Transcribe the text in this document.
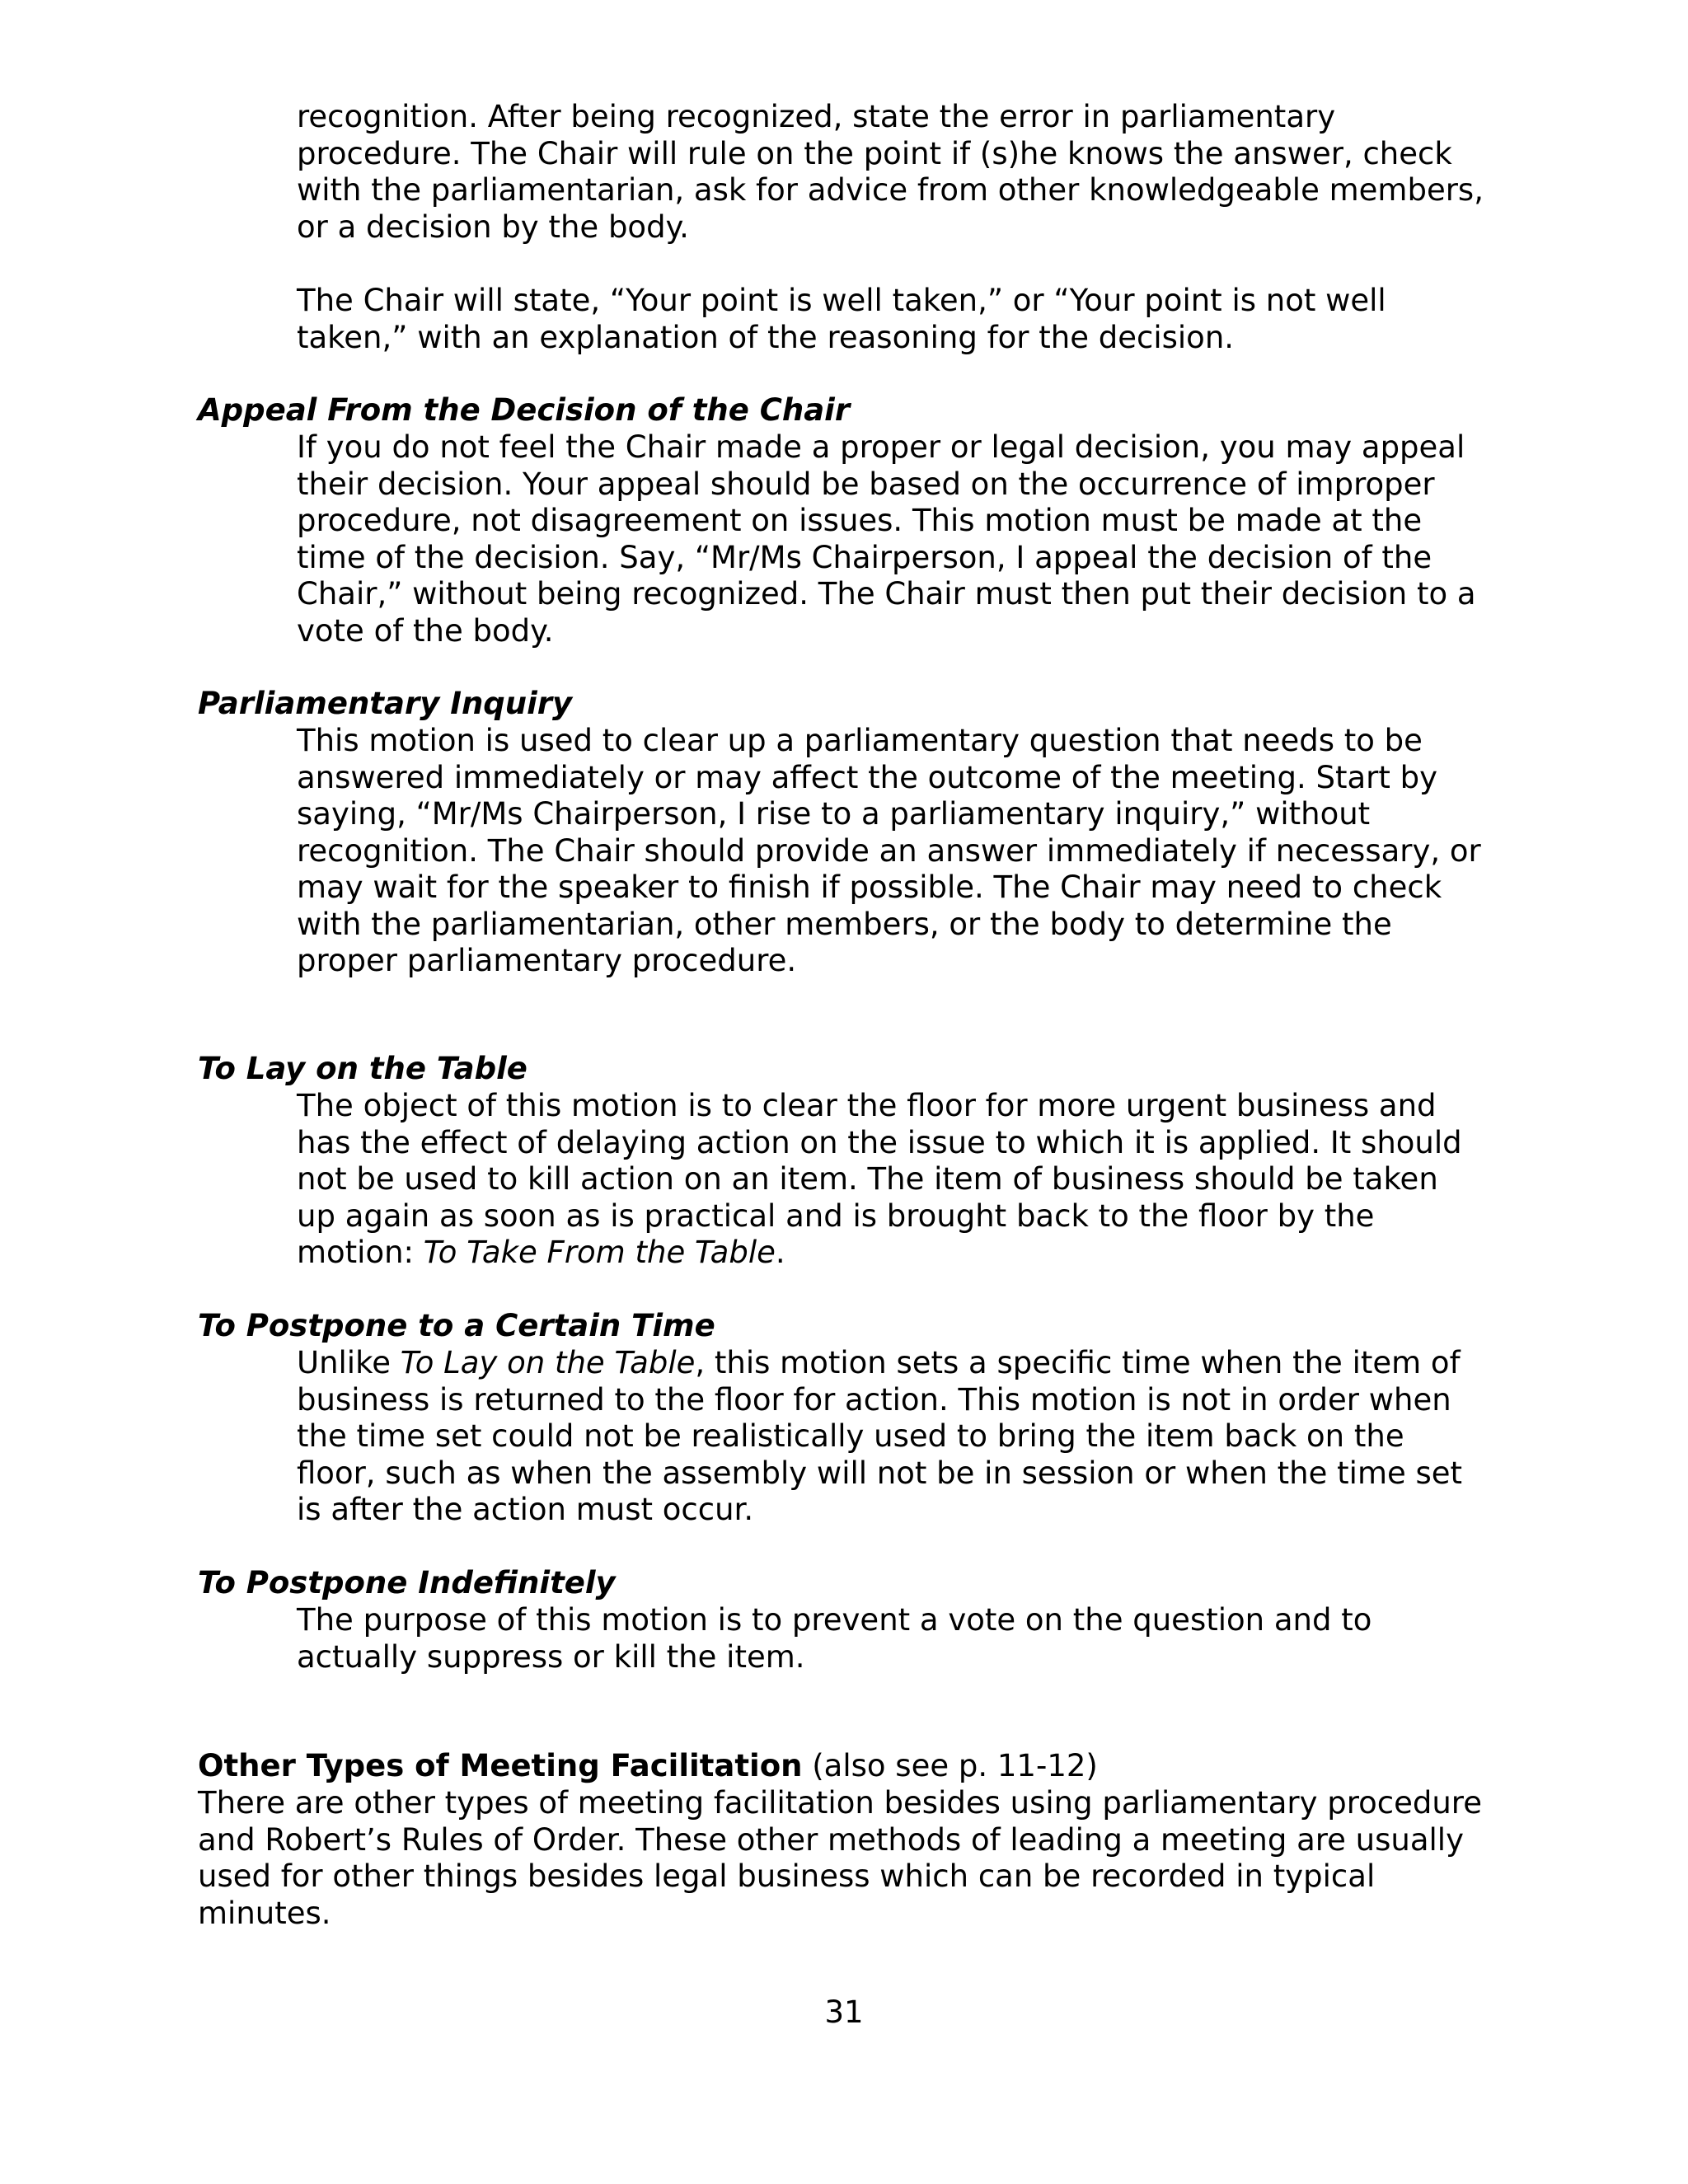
recognition. After being recognized, state the error in parliamentary
procedure. The Chair will rule on the point if (s)he knows the answer, check
with the parliamentarian, ask for advice from other knowledgeable members,
or a decision by the body.

The Chair will state, “Your point is well taken,” or “Your point is not well
taken,” with an explanation of the reasoning for the decision.

Appeal From the Decision of the Chair

If you do not feel the Chair made a proper or legal decision, you may appeal
their decision. Your appeal should be based on the occurrence of improper
procedure, not disagreement on issues. This motion must be made at the
time of the decision. Say, “Mr/Ms Chairperson, I appeal the decision of the
Chair,” without being recognized. The Chair must then put their decision to a
vote of the body.

Parliamentary Inquiry

This motion is used to clear up a parliamentary question that needs to be
answered immediately or may affect the outcome of the meeting. Start by
saying, “Mr/Ms Chairperson, I rise to a parliamentary inquiry,” without
recognition. The Chair should provide an answer immediately if necessary, or
may wait for the speaker to finish if possible. The Chair may need to check
with the parliamentarian, other members, or the body to determine the
proper parliamentary procedure.

To Lay on the Table

The object of this motion is to clear the floor for more urgent business and
has the effect of delaying action on the issue to which it is applied. It should
not be used to kill action on an item. The item of business should be taken
up again as soon as is practical and is brought back to the floor by the
motion: To Take From the Table.

To Postpone to a Certain Time

Unlike To Lay on the Table, this motion sets a specific time when the item of
business is returned to the floor for action. This motion is not in order when
the time set could not be realistically used to bring the item back on the
floor, such as when the assembly will not be in session or when the time set
is after the action must occur.

To Postpone Indefinitely

The purpose of this motion is to prevent a vote on the question and to
actually suppress or kill the item.

Other Types of Meeting Facilitation (also see p. 11-12)

There are other types of meeting facilitation besides using parliamentary procedure
and Robert’s Rules of Order. These other methods of leading a meeting are usually
used for other things besides legal business which can be recorded in typical
minutes.

31
